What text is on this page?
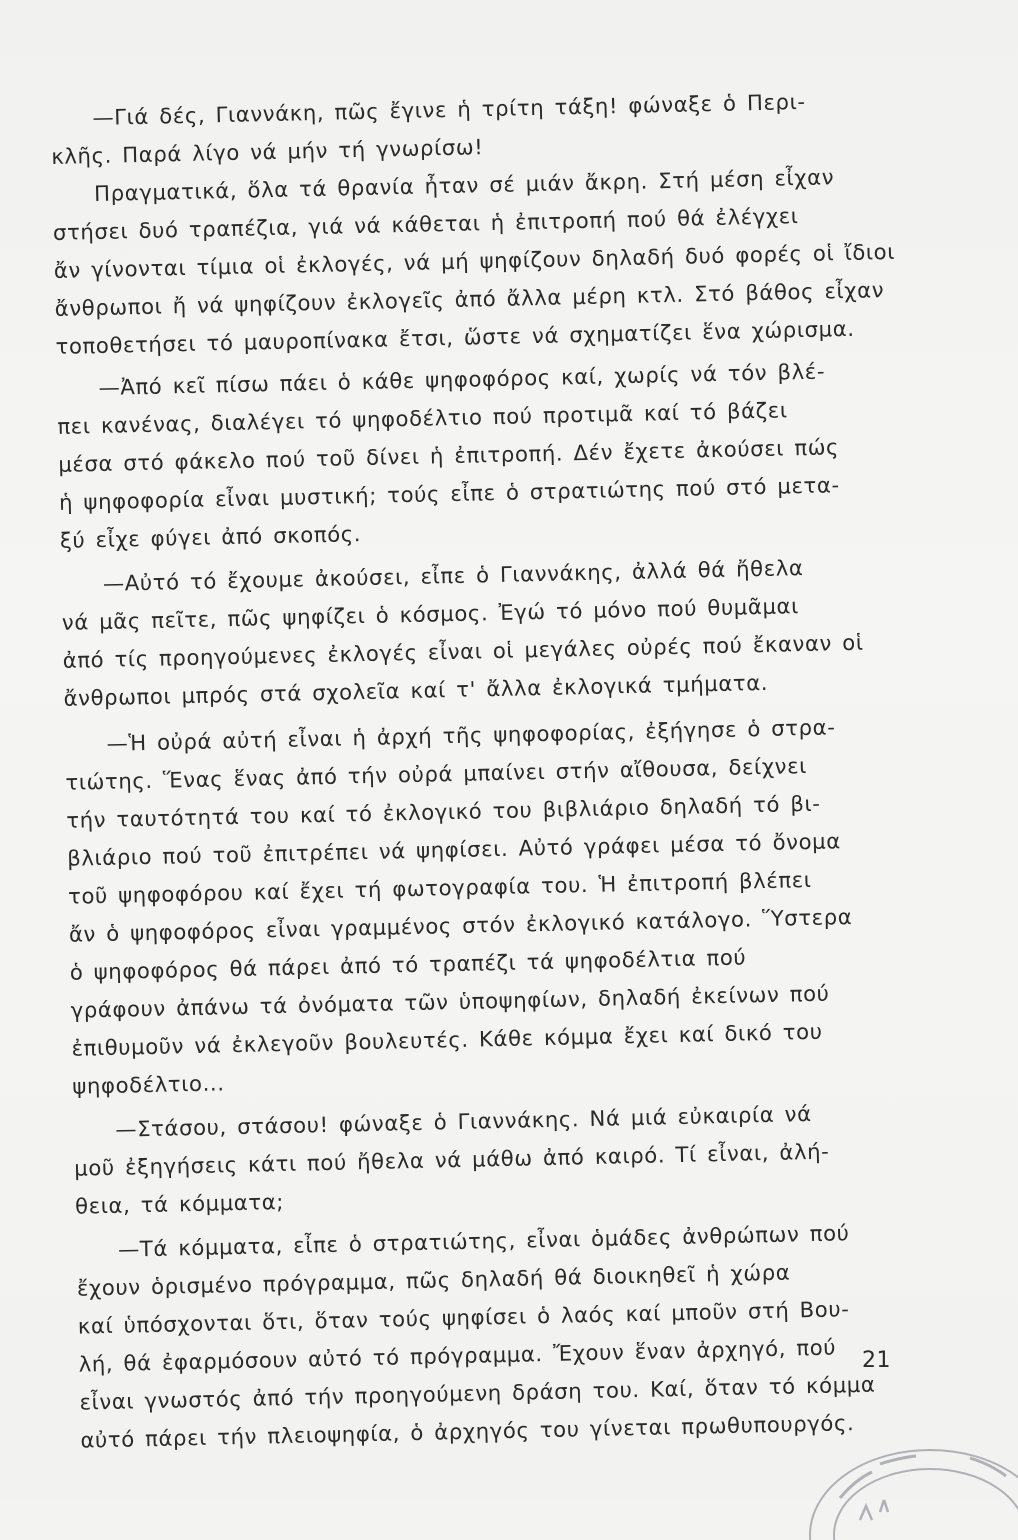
—Γιά δές, Γιαννάκη, πῶς ἔγινε ἡ τρίτη τάξη! φώναξε ὁ Περι-
κλῆς. Παρά λίγο νά μήν τή γνωρίσω!
Πραγματικά, ὅλα τά θρανία ἦταν σέ μιάν ἄκρη. Στή μέση εἶχαν
στήσει δυό τραπέζια, γιά νά κάθεται ἡ ἐπιτροπή πού θά ἐλέγχει
ἄν γίνονται τίμια οἱ ἐκλογές, νά μή ψηφίζουν δηλαδή δυό φορές οἱ ἴδιοι
ἄνθρωποι ἤ νά ψηφίζουν ἐκλογεῖς ἀπό ἄλλα μέρη κτλ. Στό βάθος εἶχαν
τοποθετήσει τό μαυροπίνακα ἔτσι, ὥστε νά σχηματίζει ἕνα χώρισμα.
—Ἀπό κεῖ πίσω πάει ὁ κάθε ψηφοφόρος καί, χωρίς νά τόν βλέ-
πει κανένας, διαλέγει τό ψηφοδέλτιο πού προτιμᾶ καί τό βάζει
μέσα στό φάκελο πού τοῦ δίνει ἡ ἐπιτροπή. Δέν ἔχετε ἀκούσει πώς
ἡ ψηφοφορία εἶναι μυστική; τούς εἶπε ὁ στρατιώτης πού στό μετα-
ξύ εἶχε φύγει ἀπό σκοπός.
—Αὐτό τό ἔχουμε ἀκούσει, εἶπε ὁ Γιαννάκης, ἀλλά θά ἤθελα
νά μᾶς πεῖτε, πῶς ψηφίζει ὁ κόσμος. Ἐγώ τό μόνο πού θυμᾶμαι
ἀπό τίς προηγούμενες ἐκλογές εἶναι οἱ μεγάλες οὐρές πού ἔκαναν οἱ
ἄνθρωποι μπρός στά σχολεῖα καί τ' ἄλλα ἐκλογικά τμήματα.
—Ἡ οὐρά αὐτή εἶναι ἡ ἀρχή τῆς ψηφοφορίας, ἐξήγησε ὁ στρα-
τιώτης. Ἕνας ἕνας ἀπό τήν οὐρά μπαίνει στήν αἴθουσα, δείχνει
τήν ταυτότητά του καί τό ἐκλογικό του βιβλιάριο δηλαδή τό βι-
βλιάριο πού τοῦ ἐπιτρέπει νά ψηφίσει. Αὐτό γράφει μέσα τό ὄνομα
τοῦ ψηφοφόρου καί ἔχει τή φωτογραφία του. Ἡ ἐπιτροπή βλέπει
ἄν ὁ ψηφοφόρος εἶναι γραμμένος στόν ἐκλογικό κατάλογο. Ὕστερα
ὁ ψηφοφόρος θά πάρει ἀπό τό τραπέζι τά ψηφοδέλτια πού
γράφουν ἀπάνω τά ὀνόματα τῶν ὑποψηφίων, δηλαδή ἐκείνων πού
ἐπιθυμοῦν νά ἐκλεγοῦν βουλευτές. Κάθε κόμμα ἔχει καί δικό του
ψηφοδέλτιο...
—Στάσου, στάσου! φώναξε ὁ Γιαννάκης. Νά μιά εὐκαιρία νά
μοῦ ἐξηγήσεις κάτι πού ἤθελα νά μάθω ἀπό καιρό. Τί εἶναι, ἀλή-
θεια, τά κόμματα;
—Τά κόμματα, εἶπε ὁ στρατιώτης, εἶναι ὁμάδες ἀνθρώπων πού
ἔχουν ὁρισμένο πρόγραμμα, πῶς δηλαδή θά διοικηθεῖ ἡ χώρα
καί ὑπόσχονται ὅτι, ὅταν τούς ψηφίσει ὁ λαός καί μποῦν στή Βου-
λή, θά ἐφαρμόσουν αὐτό τό πρόγραμμα. Ἔχουν ἕναν ἀρχηγό, πού
εἶναι γνωστός ἀπό τήν προηγούμενη δράση του. Καί, ὅταν τό κόμμα
αὐτό πάρει τήν πλειοψηφία, ὁ ἀρχηγός του γίνεται πρωθυπουργός.
21
